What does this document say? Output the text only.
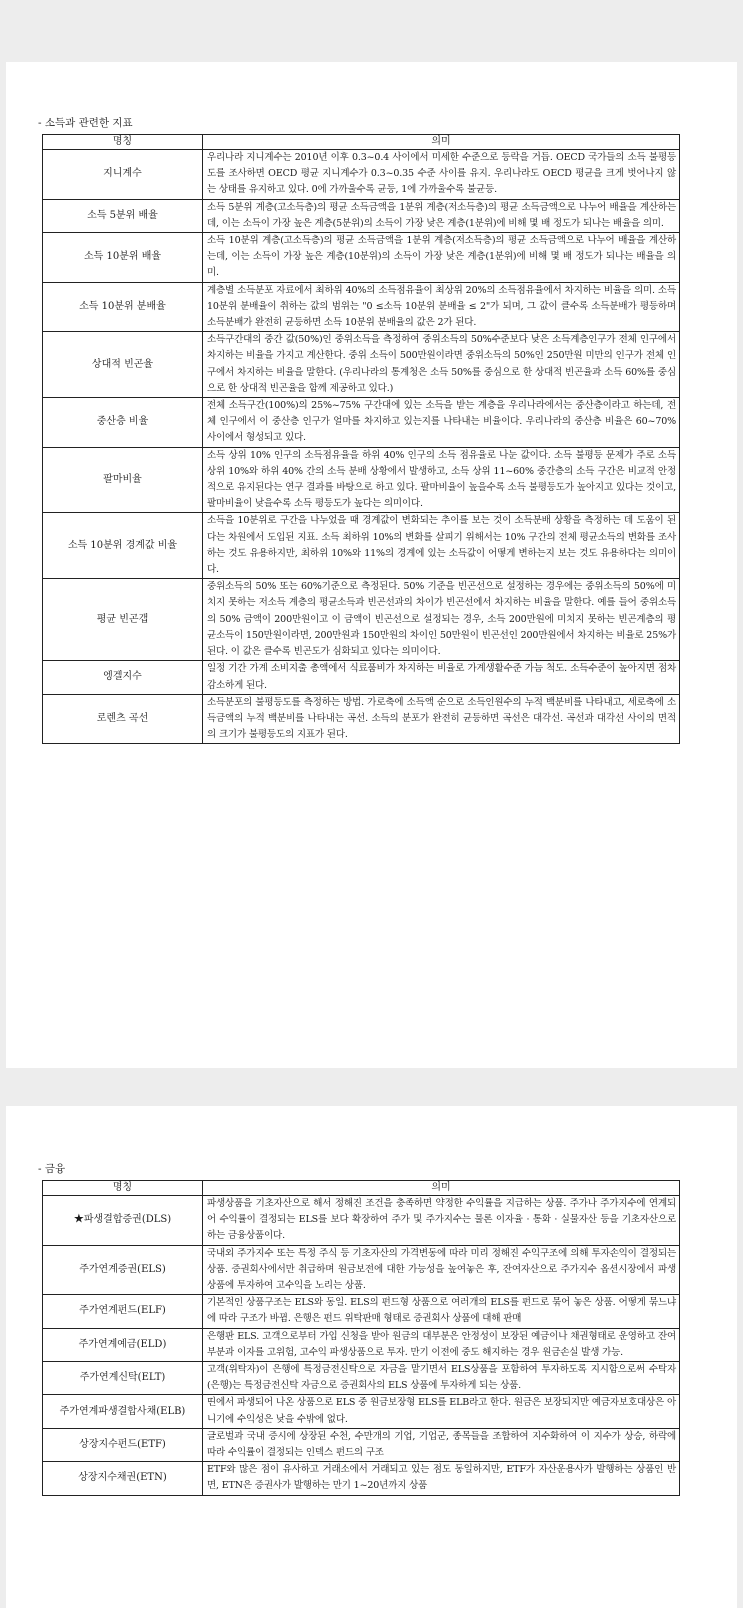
- 소득과 관련한 지표
명칭	의미
지니계수	우리나라 지니계수는 2010년 이후 0.3~0.4 사이에서 미세한 수준으로 등락을 거듭. OECD 국가들의 소득 불평등도를 조사하면 OECD 평균 지니계수가 0.3~0.35 수준 사이를 유지. 우리나라도 OECD 평균을 크게 벗어나지 않는 상태를 유지하고 있다. 0에 가까울수록 균등, 1에 가까울수록 불균등.
소득 5분위 배율	소득 5분위 계층(고소득층)의 평균 소득금액을 1분위 계층(저소득층)의 평균 소득금액으로 나누어 배율을 계산하는데, 이는 소득이 가장 높은 계층(5분위)의 소득이 가장 낮은 계층(1분위)에 비해 몇 배 정도가 되나는 배율을 의미.
소득 10분위 배율	소득 10분위 계층(고소득층)의 평균 소득금액을 1분위 계층(저소득층)의 평균 소득금액으로 나누어 배율을 계산하는데, 이는 소득이 가장 높은 계층(10분위)의 소득이 가장 낮은 계층(1분위)에 비해 몇 배 정도가 되나는 배율을 의미.
소득 10분위 분배율	계층별 소득분포 자료에서 최하위 40%의 소득점유율이 최상위 20%의 소득점유율에서 차지하는 비율을 의미. 소득 10분위 분배율이 취하는 값의 범위는 "0 ≤소득 10분위 분배율 ≤ 2"가 되며, 그 값이 클수록 소득분배가 평등하며 소득분배가 완전히 균등하면 소득 10분위 분배율의 값은 2가 된다.
상대적 빈곤율	소득구간대의 중간 값(50%)인 중위소득을 측정하여 중위소득의 50%수준보다 낮은 소득계층인구가 전체 인구에서 차지하는 비율을 가지고 계산한다. 중위 소득이 500만원이라면 중위소득의 50%인 250만원 미만의 인구가 전체 인구에서 차지하는 비율을 말한다. (우리나라의 통계청은 소득 50%를 중심으로 한 상대적 빈곤율과 소득 60%를 중심으로 한 상대적 빈곤율을 함께 제공하고 있다.)
중산층 비율	전체 소득구간(100%)의 25%~75% 구간대에 있는 소득을 받는 계층을 우리나라에서는 중산층이라고 하는데, 전체 인구에서 이 중산층 인구가 얼마를 차지하고 있는지를 나타내는 비율이다. 우리나라의 중산층 비율은 60~70% 사이에서 형성되고 있다.
팔마비율	소득 상위 10% 인구의 소득점유율을 하위 40% 인구의 소득 점유율로 나눈 값이다. 소득 불평등 문제가 주로 소득 상위 10%와 하위 40% 간의 소득 분배 상황에서 발생하고, 소득 상위 11~60% 중간층의 소득 구간은 비교적 안정적으로 유지된다는 연구 결과를 바탕으로 하고 있다. 팔마비율이 높을수록 소득 불평등도가 높아지고 있다는 것이고, 팔마비율이 낮을수록 소득 평등도가 높다는 의미이다.
소득 10분위 경계값 비율	소득을 10분위로 구간을 나누었을 때 경계값이 변화되는 추이를 보는 것이 소득분배 상황을 측정하는 데 도움이 된다는 차원에서 도입된 지표. 소득 최하위 10%의 변화를 살피기 위해서는 10% 구간의 전체 평균소득의 변화를 조사하는 것도 유용하지만, 최하위 10%와 11%의 경계에 있는 소득값이 어떻게 변하는지 보는 것도 유용하다는 의미이다.
평균 빈곤갭	중위소득의 50% 또는 60%기준으로 측정된다. 50% 기준을 빈곤선으로 설정하는 경우에는 중위소득의 50%에 미치지 못하는 저소득 계층의 평균소득과 빈곤선과의 차이가 빈곤선에서 차지하는 비율을 말한다. 예를 들어 중위소득의 50% 금액이 200만원이고 이 금액이 빈곤선으로 설정되는 경우, 소득 200만원에 미치지 못하는 빈곤계층의 평균소득이 150만원이라면, 200만원과 150만원의 차이인 50만원이 빈곤선인 200만원에서 차지하는 비율로 25%가 된다. 이 값은 클수록 빈곤도가 심화되고 있다는 의미이다.
엥겔지수	일정 기간 가계 소비지출 총액에서 식료품비가 차지하는 비율로 가계생활수준 가늠 척도. 소득수준이 높아지면 점차 감소하게 된다.
로렌츠 곡선	소득분포의 불평등도를 측정하는 방법. 가로축에 소득액 순으로 소득인원수의 누적 백분비를 나타내고, 세로축에 소득금액의 누적 백분비를 나타내는 곡선. 소득의 분포가 완전히 균등하면 곡선은 대각선. 곡선과 대각선 사이의 면적의 크기가 불평등도의 지표가 된다.
- 금융
명칭	의미
★파생결합증권(DLS)	파생상품을 기초자산으로 해서 정해진 조건을 충족하면 약정한 수익률을 지급하는 상품. 주가나 주가지수에 연계되어 수익률이 결정되는 ELS를 보다 확장하여 주가 및 주가지수는 물론 이자율 · 통화 · 실물자산 등을 기초자산으로 하는 금융상품이다.
주가연계증권(ELS)	국내외 주가지수 또는 특정 주식 등 기초자산의 가격변동에 따라 미리 정해진 수익구조에 의해 투자손익이 결정되는 상품. 증권회사에서만 취급하며 원금보전에 대한 가능성을 높여놓은 후, 잔여자산으로 주가지수 옵션시장에서 파생상품에 투자하여 고수익을 노리는 상품.
주가연계펀드(ELF)	기본적인 상품구조는 ELS와 동일. ELS의 펀드형 상품으로 여러개의 ELS를 펀드로 묶어 놓은 상품. 어떻게 묶느냐에 따라 구조가 바뀜. 은행은 펀드 위탁판매 형태로 증권회사 상품에 대해 판매
주가연계예금(ELD)	은행판 ELS. 고객으로부터 가입 신청을 받아 원금의 대부분은 안정성이 보장된 예금이나 채권형태로 운영하고 잔여 부분과 이자를 고위험, 고수익 파생상품으로 투자. 만기 이전에 중도 해지하는 경우 원금손실 발생 가능.
주가연계신탁(ELT)	고객(위탁자)이 은행에 특정금전신탁으로 자금을 맡기면서 ELS상품을 포함하여 투자하도록 지시함으로써 수탁자(은행)는 특정금전신탁 자금으로 증권회사의 ELS 상품에 투자하게 되는 상품.
주가연계파생결합사채(ELB)	띤에서 파생되어 나온 상품으로 ELS 중 원금보장형 ELS를 ELB라고 한다. 원금은 보장되지만 예금자보호대상은 아니기에 수익성은 낮을 수밖에 없다.
상장지수펀드(ETF)	글로벌과 국내 증시에 상장된 수천, 수만개의 기업, 기업군, 종목들을 조합하여 지수화하여 이 지수가 상승, 하락에 따라 수익률이 결정되는 인덱스 펀드의 구조
상장지수채권(ETN)	ETF와 많은 점이 유사하고 거래소에서 거래되고 있는 점도 동일하지만, ETF가 자산운용사가 발행하는 상품인 반면, ETN은 증권사가 발행하는 만기 1~20년까지 상품
